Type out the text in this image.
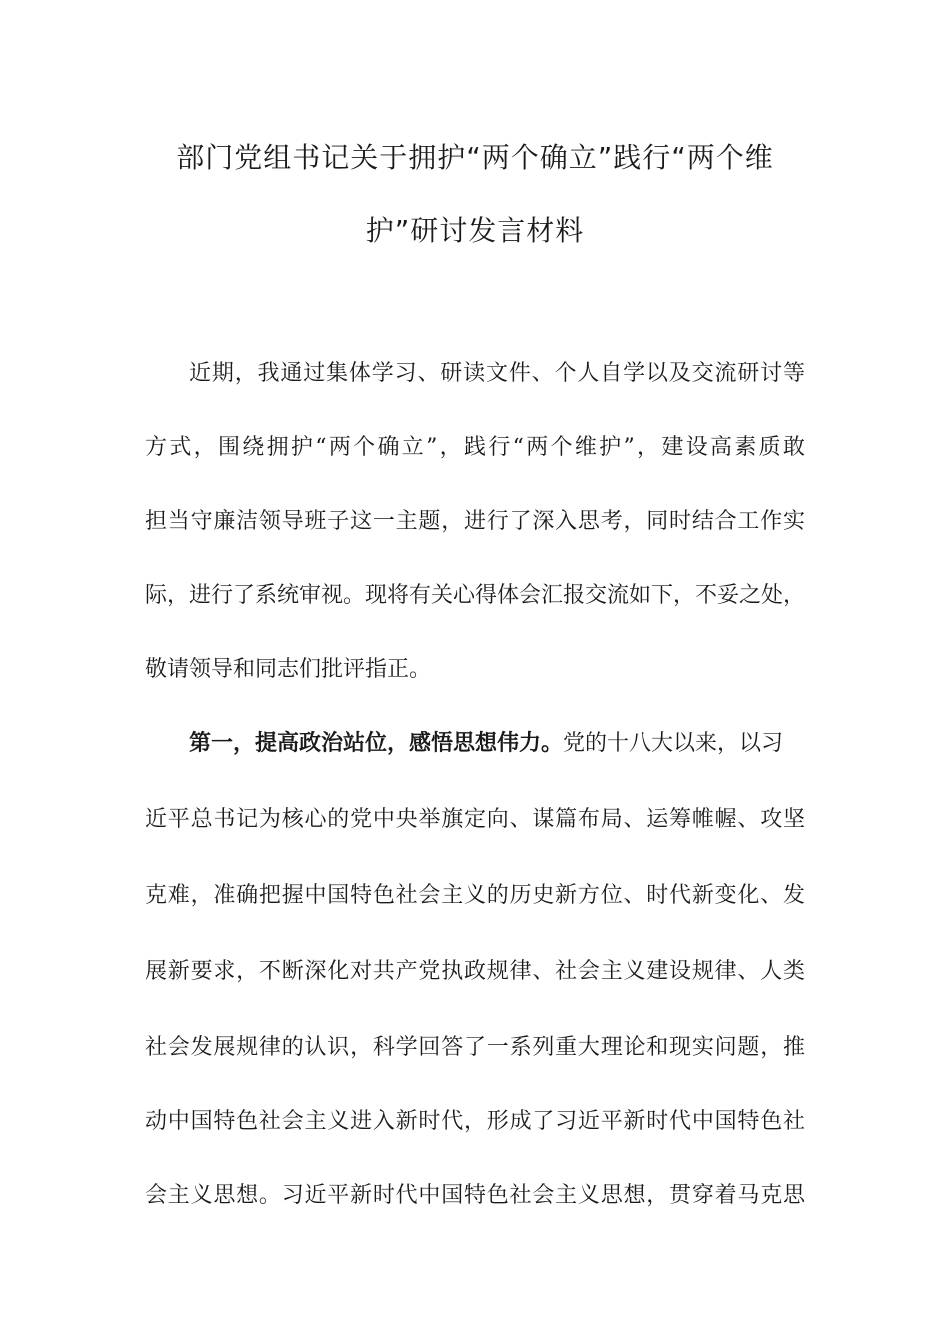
部门党组书记关于拥护“两个确立”践行“两个维
护”研讨发言材料

近期，我通过集体学习、研读文件、个人自学以及交流研讨等

方式，围绕拥护“两个确立”，践行“两个维护”，建设高素质敢

担当守廉洁领导班子这一主题，进行了深入思考，同时结合工作实

际，进行了系统审视。现将有关心得体会汇报交流如下，不妥之处，

敬请领导和同志们批评指正。

第一，提高政治站位，感悟思想伟力。党的十八大以来，以习

近平总书记为核心的党中央举旗定向、谋篇布局、运筹帷幄、攻坚

克难，准确把握中国特色社会主义的历史新方位、时代新变化、发

展新要求，不断深化对共产党执政规律、社会主义建设规律、人类

社会发展规律的认识，科学回答了一系列重大理论和现实问题，推

动中国特色社会主义进入新时代，形成了习近平新时代中国特色社

会主义思想。习近平新时代中国特色社会主义思想，贯穿着马克思
